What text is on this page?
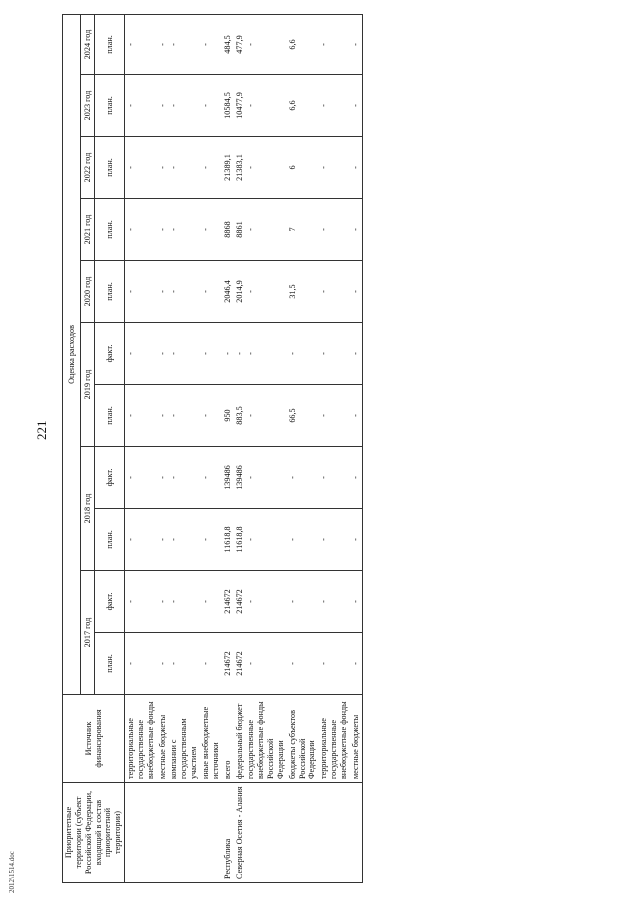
221
Приоритетные территории (субъект Российской Федерации, входящий в состав приоритетной территории)	Источник финансирования	Оценка расходов										
		2017 год		2018 год		2019 год		2020 год	2021 год	2022 год	2023 год	2024 год
		план.	факт.	план.	факт.	план.	факт.	план.	план.	план.	план.	план.
	территориальные государственные внебюджетные фонды	-	-	-	-	-	-	-	-	-	-	-
	местные бюджеты	-	-	-	-	-	-	-	-	-	-	-
	компании с государственным участием	-	-	-	-	-	-	-	-	-	-	-
	иные внебюджетные источники	-	-	-	-	-	-	-	-	-	-	-
Республика	всего	214672	214672	11618,8	139486	950	-	2046,4	8868	21389,1	10584,5	484,5
Северная Осетия - Алания	федеральный бюджет	214672	214672	11618,8	139486	883,5	-	2014,9	8861	21383,1	10477,9	477,9
	государственные внебюджетные фонды Российской Федерации	-	-	-	-	-	-	-	-	-	-	-
	бюджеты субъектов Российской Федерации	-	-	-	-	66,5	-	31,5	7	6	6,6	6,6
	территориальные государственные внебюджетные фонды	-	-	-	-	-	-	-	-	-	-	-
	местные бюджеты	-	-	-	-	-	-	-	-	-	-	-

2012\1514.doc
